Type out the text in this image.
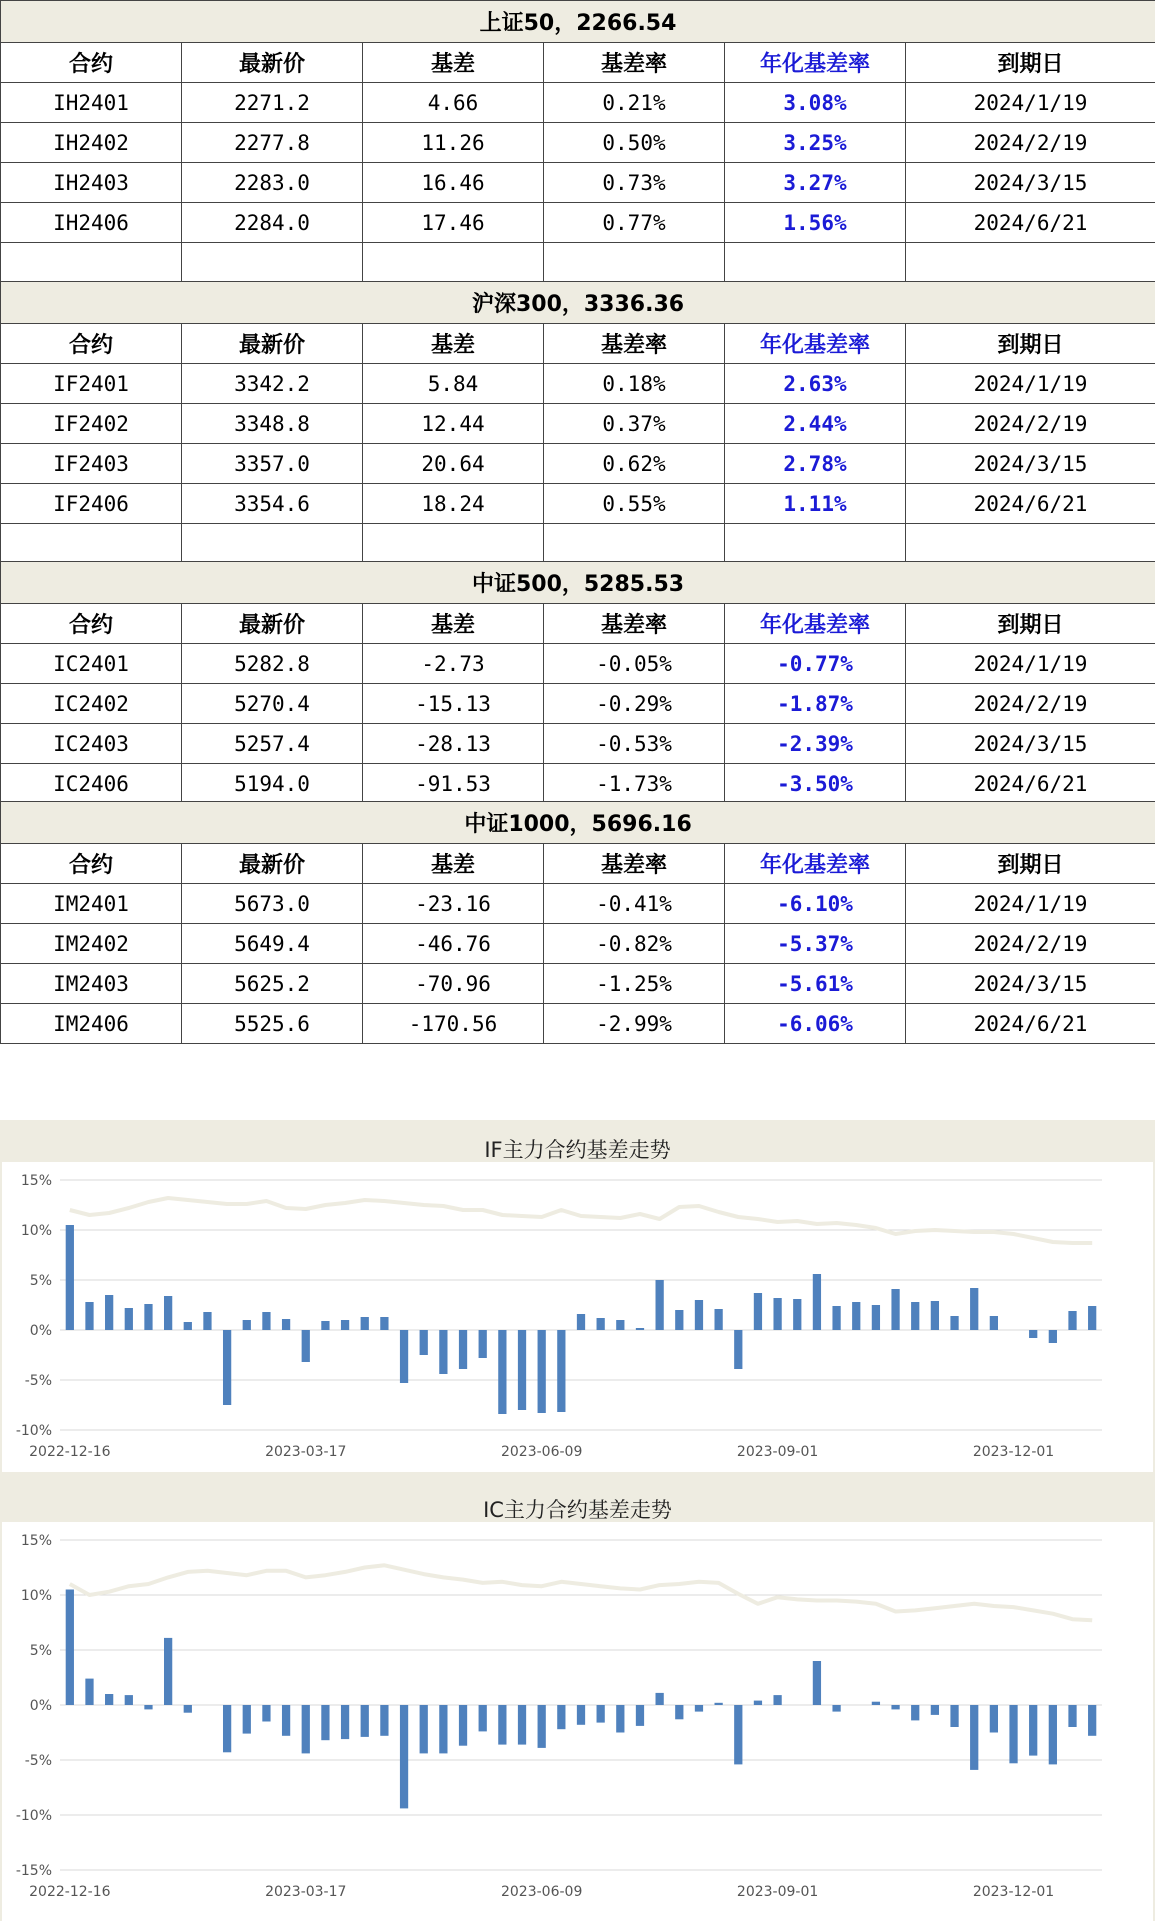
上证50，2266.54					
合约	最新价	基差	基差率	年化基差率	到期日
IH2401	2271.2	4.66	0.21%	3.08%	2024/1/19
IH2402	2277.8	11.26	0.50%	3.25%	2024/2/19
IH2403	2283.0	16.46	0.73%	3.27%	2024/3/15
IH2406	2284.0	17.46	0.77%	1.56%	2024/6/21

沪深300，3336.36					
合约	最新价	基差	基差率	年化基差率	到期日
IF2401	3342.2	5.84	0.18%	2.63%	2024/1/19
IF2402	3348.8	12.44	0.37%	2.44%	2024/2/19
IF2403	3357.0	20.64	0.62%	2.78%	2024/3/15
IF2406	3354.6	18.24	0.55%	1.11%	2024/6/21

中证500，5285.53					
合约	最新价	基差	基差率	年化基差率	到期日
IC2401	5282.8	-2.73	-0.05%	-0.77%	2024/1/19
IC2402	5270.4	-15.13	-0.29%	-1.87%	2024/2/19
IC2403	5257.4	-28.13	-0.53%	-2.39%	2024/3/15
IC2406	5194.0	-91.53	-1.73%	-3.50%	2024/6/21
中证1000，5696.16					
合约	最新价	基差	基差率	年化基差率	到期日
IM2401	5673.0	-23.16	-0.41%	-6.10%	2024/1/19
IM2402	5649.4	-46.76	-0.82%	-5.37%	2024/2/19
IM2403	5625.2	-70.96	-1.25%	-5.61%	2024/3/15
IM2406	5525.6	-170.56	-2.99%	-6.06%	2024/6/21
IF主力合约基差走势
15%
10%
5%
0%
-5%
-10%
2022-12-16	2023-03-17	2023-06-09	2023-09-01	2023-12-01
IC主力合约基差走势
15%
10%
5%
0%
-5%
-10%
-15%
2022-12-16	2023-03-17	2023-06-09	2023-09-01	2023-12-01
